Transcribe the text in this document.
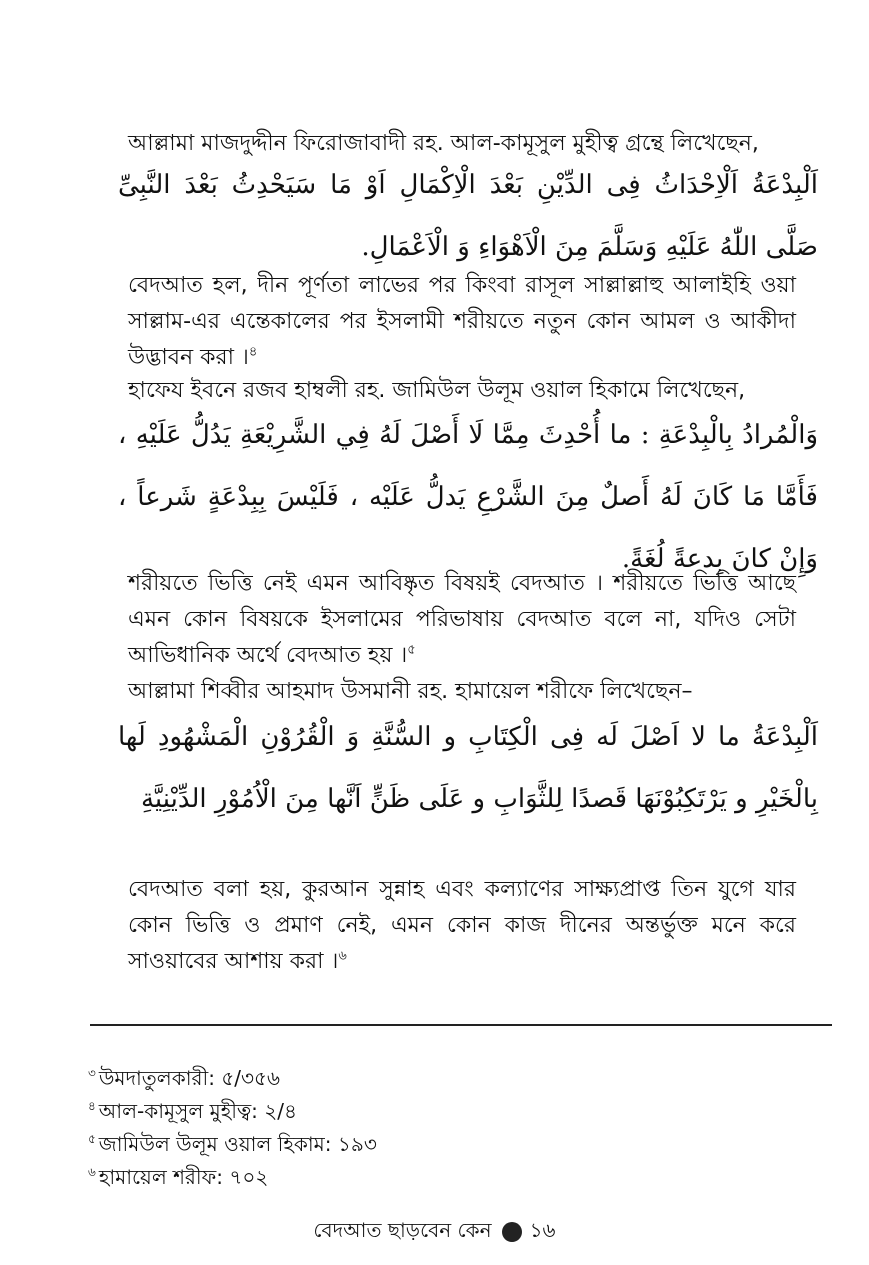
আল্লামা মাজদুদ্দীন ফিরোজাবাদী রহ. আল-কামূসুল মুহীত্ব গ্রন্থে লিখেছেন,
اَلْبِدْعَةُ اَلْاِحْدَاثُ فِى الدِّيْنِ بَعْدَ الْاِكْمَالِ اَوْ مَا سَيَحْدِثُ بَعْدَ النَّبِىِّ صَلَّى اللّٰهُ عَلَيْهِ وَسَلَّمَ مِنَ الْاَهْوَاءِ وَ الْاَعْمَالِ.
বেদআত হল, দীন পূর্ণতা লাভের পর কিংবা রাসূল সাল্লাল্লাহু আলাইহি ওয়া সাল্লাম-এর এন্তেকালের পর ইসলামী শরীয়তে নতুন কোন আমল ও আকীদা উদ্ভাবন করা ।$^৪$
হাফেয ইবনে রজব হাম্বলী রহ. জামিউল উলূম ওয়াল হিকামে লিখেছেন,
وَالْمُرادُ بِالْبِدْعَةِ : ما أُحْدِثَ مِمَّا لَا أَصْلَ لَهُ فِي الشَّرِيْعَةِ يَدُلُّ عَلَيْهِ ، فَأَمَّا مَا كَانَ لَهُ أَصلٌ مِنَ الشَّرْعِ يَدلُّ عَلَيْه ، فَلَيْسَ بِبِدْعَةٍ شَرعاً ، وَإِنْ كانَ بِدعةً لُغَةً.
শরীয়তে ভিত্তি নেই এমন আবিষ্কৃত বিষয়ই বেদআত । শরীয়তে ভিত্তি আছে এমন কোন বিষয়কে ইসলামের পরিভাষায় বেদআত বলে না, যদিও সেটা আভিধানিক অর্থে বেদআত হয় ।$^৫$
আল্লামা শিব্বীর আহমাদ উসমানী রহ. হামায়েল শরীফে লিখেছেন–
اَلْبِدْعَةُ ما لا اَصْلَ لَه فِى الْكِتَابِ و السُّنَّةِ وَ الْقُرُوْنِ الْمَشْهُودِ لَها بِالْخَيْرِ و يَرْتَكِبُوْنَهَا قَصدًا لِلثَّوَابِ و عَلَى ظَنٍّ اَنَّها مِنَ الْاُمُوْرِ الدِّيْنِيَّةِ
বেদআত বলা হয়, কুরআন সুন্নাহ এবং কল্যাণের সাক্ষ্যপ্রাপ্ত তিন যুগে যার কোন ভিত্তি ও প্রমাণ নেই, এমন কোন কাজ দীনের অন্তর্ভুক্ত মনে করে সাওয়াবের আশায় করা ।$^৬$
$^৩$ উমদাতুলকারী: ৫/৩৫৬
$^৪$ আল-কামূসুল মুহীত্ব: ২/৪
$^৫$ জামিউল উলূম ওয়াল হিকাম: ১৯৩
$^৬$ হামায়েল শরীফ: ৭০২
বেদআত ছাড়বেন কেন ১৬
